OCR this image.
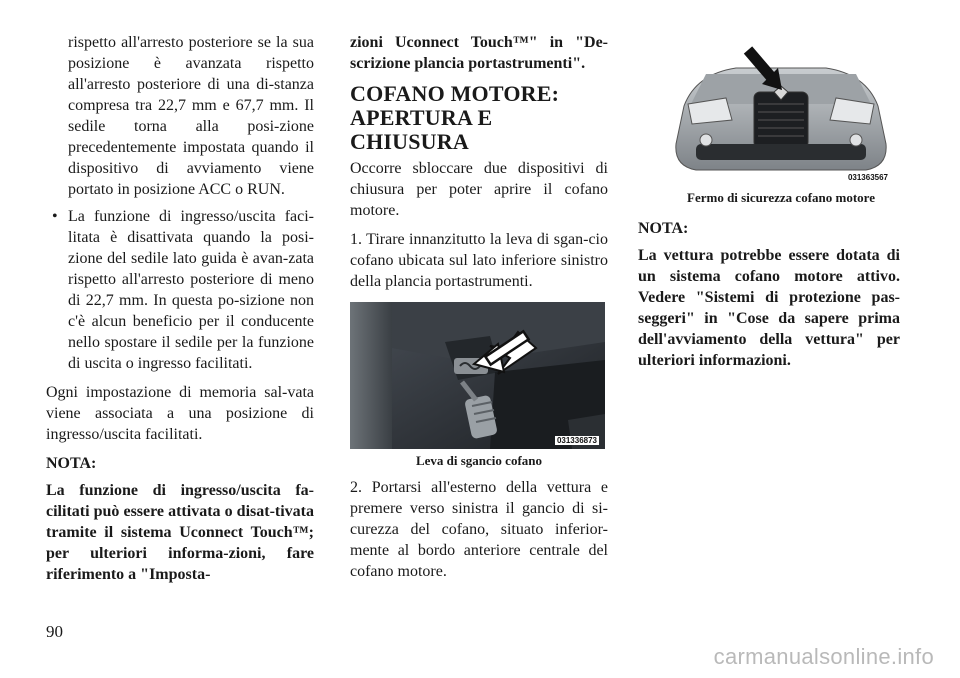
rispetto all'arresto posteriore se la sua posizione è avanzata rispetto all'arresto posteriore di una di-stanza compresa tra 22,7 mm e 67,7 mm. Il sedile torna alla posi-zione precedentemente impostata quando il dispositivo di avviamento viene portato in posizione ACC o RUN.

• La funzione di ingresso/uscita faci-litata è disattivata quando la posi-zione del sedile lato guida è avan-zata rispetto all'arresto posteriore di meno di 22,7 mm. In questa po-sizione non c'è alcun beneficio per il conducente nello spostare il sedile per la funzione di uscita o ingresso facilitati.

Ogni impostazione di memoria sal-vata viene associata a una posizione di ingresso/uscita facilitati.

NOTA:

La funzione di ingresso/uscita fa-cilitati può essere attivata o disat-tivata tramite il sistema Uconnect Touch™; per ulteriori informa-zioni, fare riferimento a "Imposta-

zioni Uconnect Touch™" in "De-scrizione plancia portastrumenti".

COFANO MOTORE:
APERTURA E CHIUSURA

Occorre sbloccare due dispositivi di chiusura per poter aprire il cofano motore.

1. Tirare innanzitutto la leva di sgan-cio cofano ubicata sul lato inferiore sinistro della plancia portastrumenti.

031336873

Leva di sgancio cofano

2. Portarsi all'esterno della vettura e premere verso sinistra il gancio di si-curezza del cofano, situato inferior-mente al bordo anteriore centrale del cofano motore.

031363567

Fermo di sicurezza cofano motore

NOTA:

La vettura potrebbe essere dotata di un sistema cofano motore attivo. Vedere "Sistemi di protezione pas-seggeri" in "Cose da sapere prima dell'avviamento della vettura" per ulteriori informazioni.

90
carmanualsonline.info
